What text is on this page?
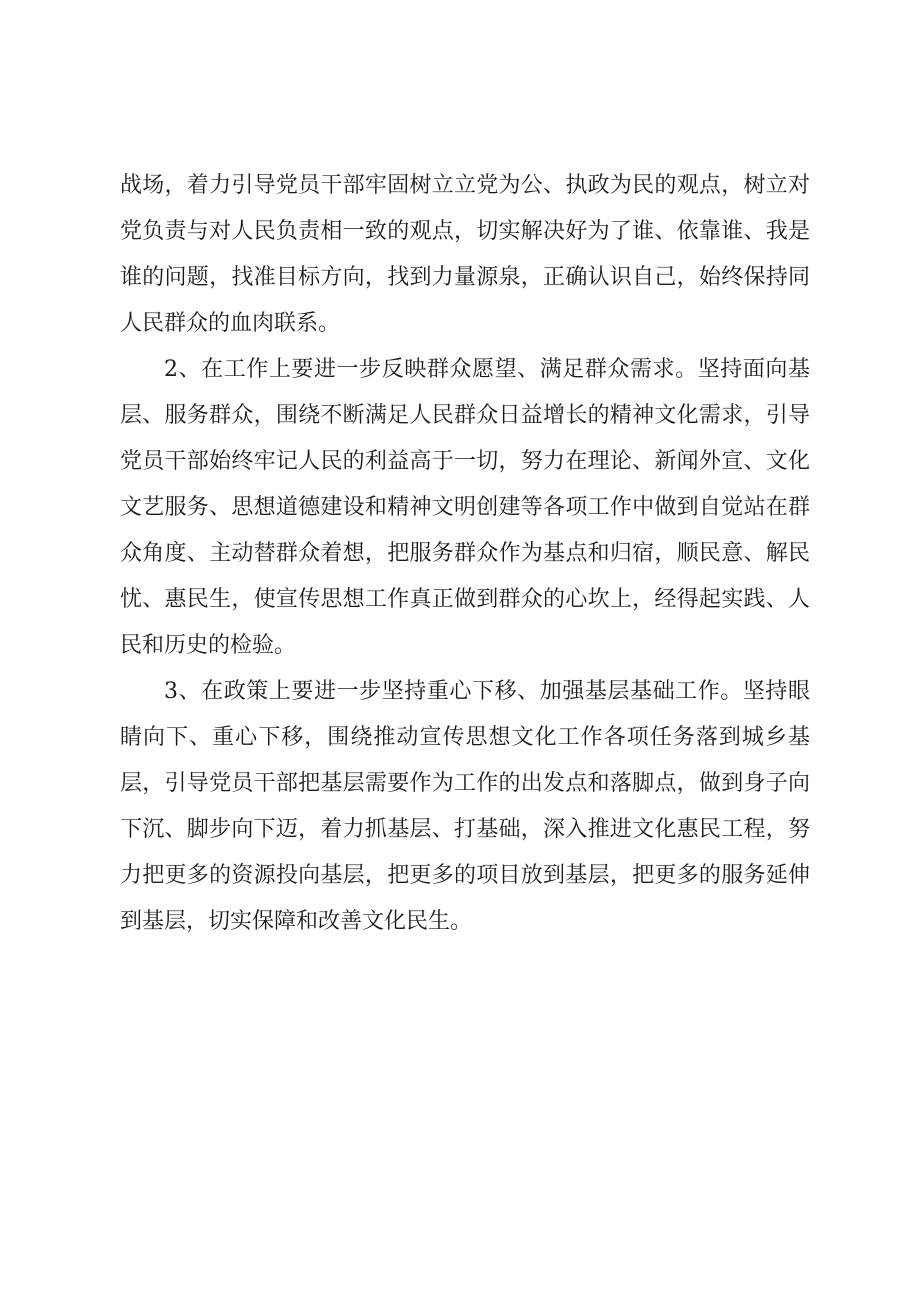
战场，着力引导党员干部牢固树立立党为公、执政为民的观点，树立对党负责与对人民负责相一致的观点，切实解决好为了谁、依靠谁、我是谁的问题，找准目标方向，找到力量源泉，正确认识自己，始终保持同人民群众的血肉联系。

2、在工作上要进一步反映群众愿望、满足群众需求。坚持面向基层、服务群众，围绕不断满足人民群众日益增长的精神文化需求，引导党员干部始终牢记人民的利益高于一切，努力在理论、新闻外宣、文化文艺服务、思想道德建设和精神文明创建等各项工作中做到自觉站在群众角度、主动替群众着想，把服务群众作为基点和归宿，顺民意、解民忧、惠民生，使宣传思想工作真正做到群众的心坎上，经得起实践、人民和历史的检验。

3、在政策上要进一步坚持重心下移、加强基层基础工作。坚持眼睛向下、重心下移，围绕推动宣传思想文化工作各项任务落到城乡基层，引导党员干部把基层需要作为工作的出发点和落脚点，做到身子向下沉、脚步向下迈，着力抓基层、打基础，深入推进文化惠民工程，努力把更多的资源投向基层，把更多的项目放到基层，把更多的服务延伸到基层，切实保障和改善文化民生。
